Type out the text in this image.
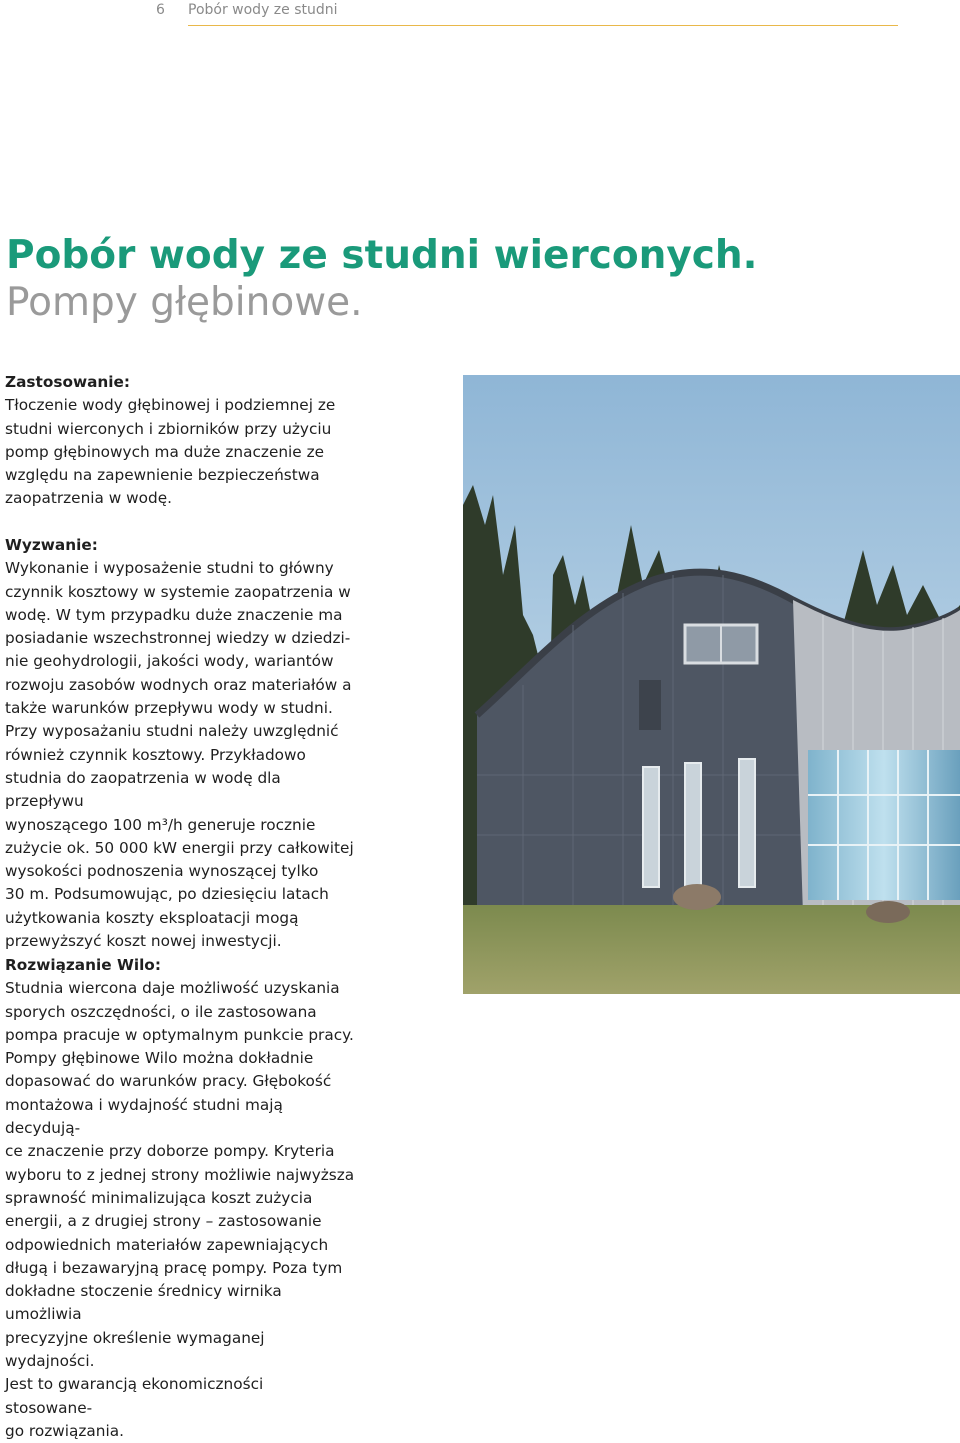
6 Pobór wody ze studni
Pobór wody ze studni wierconych.
Pompy głębinowe.
Zastosowanie:

Tłoczenie wody głębinowej i podziemnej ze
studni wierconych i zbiorników przy użyciu
pomp głębinowych ma duże znaczenie ze
względu na zapewnienie bezpieczeństwa
zaopatrzenia w wodę.

Wyzwanie:

Wykonanie i wyposażenie studni to główny
czynnik kosztowy w systemie zaopatrzenia w
wodę. W tym przypadku duże znaczenie ma
posiadanie wszechstronnej wiedzy w dziedzi-
nie geohydrologii, jakości wody, wariantów
rozwoju zasobów wodnych oraz materiałów a
także warunków przepływu wody w studni.
Przy wyposażaniu studni należy uwzględnić
również czynnik kosztowy. Przykładowo
studnia do zaopatrzenia w wodę dla przepływu
wynoszącego 100 m³/h generuje rocznie
zużycie ok. 50 000 kW energii przy całkowitej
wysokości podnoszenia wynoszącej tylko
30 m. Podsumowując, po dziesięciu latach
użytkowania koszty eksploatacji mogą
przewyższyć koszt nowej inwestycji.

Rozwiązanie Wilo:

Studnia wiercona daje możliwość uzyskania
sporych oszczędności, o ile zastosowana
pompa pracuje w optymalnym punkcie pracy.
Pompy głębinowe Wilo można dokładnie
dopasować do warunków pracy. Głębokość
montażowa i wydajność studni mają decydują-
ce znaczenie przy doborze pompy. Kryteria
wyboru to z jednej strony możliwie najwyższa
sprawność minimalizująca koszt zużycia
energii, a z drugiej strony – zastosowanie
odpowiednich materiałów zapewniających
długą i bezawaryjną pracę pompy. Poza tym
dokładne stoczenie średnicy wirnika umożliwia
precyzyjne określenie wymaganej wydajności.
Jest to gwarancją ekonomiczności stosowane-
go rozwiązania.
